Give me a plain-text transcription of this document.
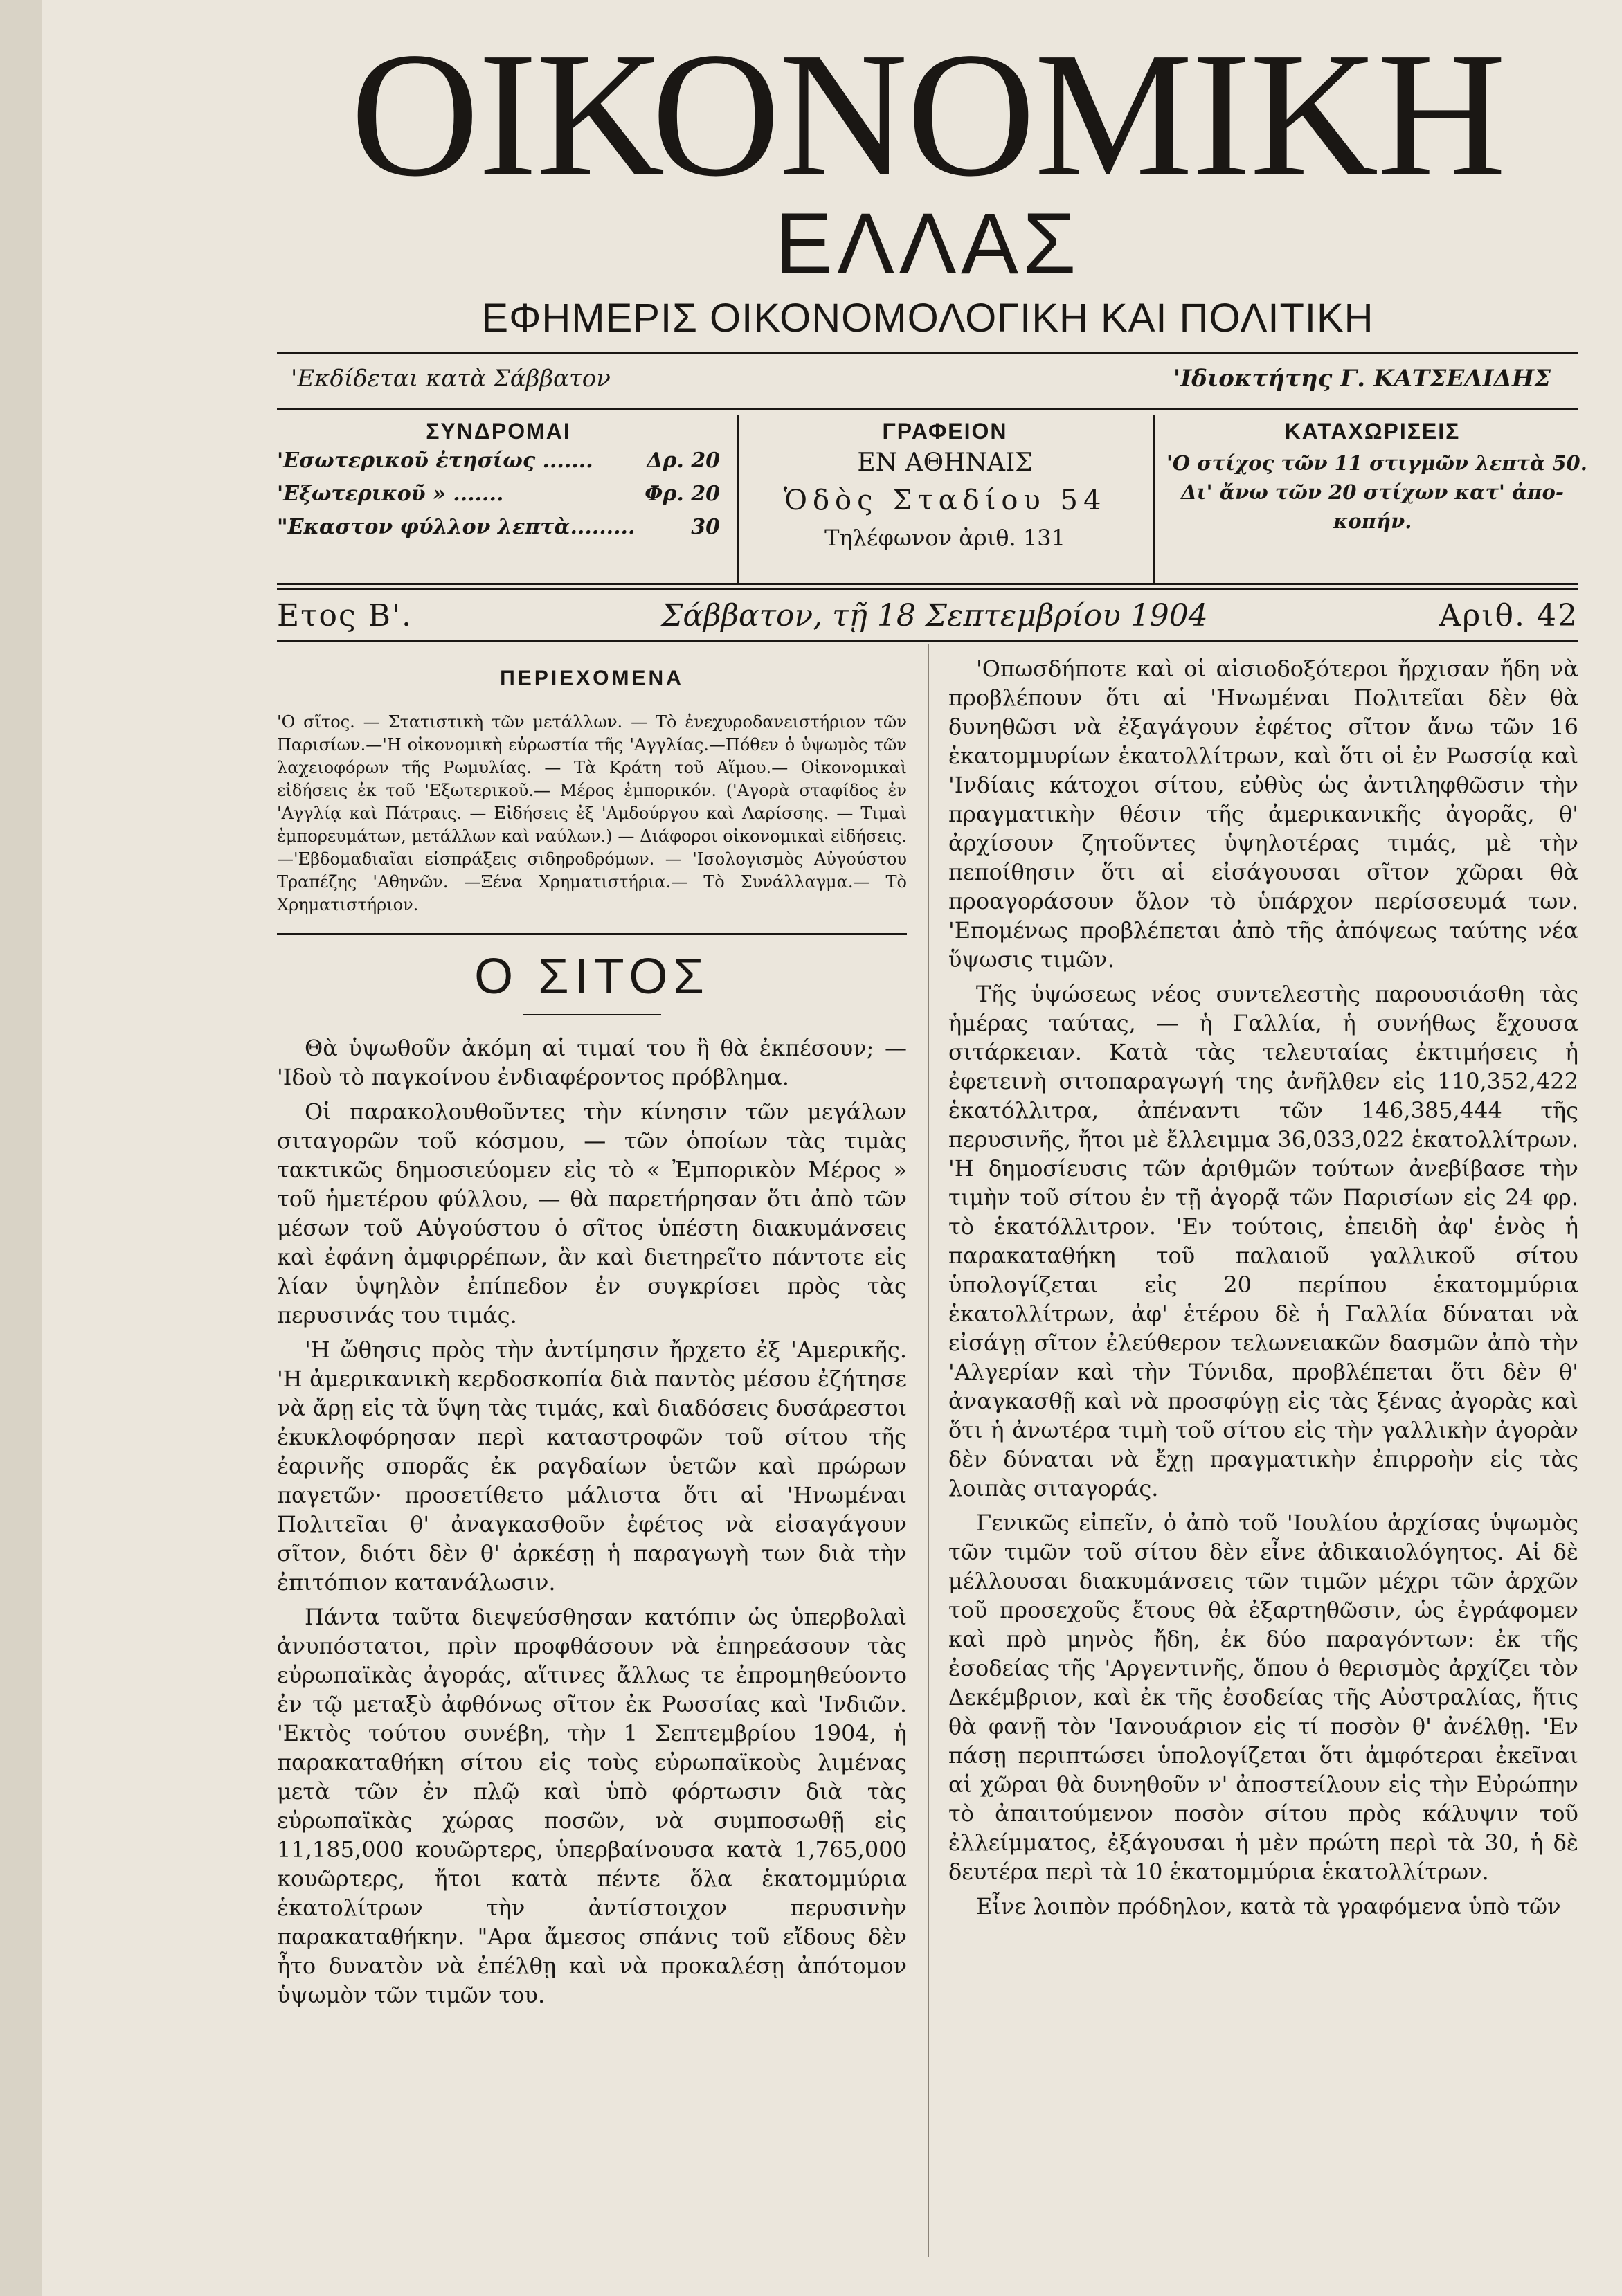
ΟΙΚΟΝΟΜΙΚΗ
ΕΛΛΑΣ
ΕΦΗΜΕΡΙΣ ΟΙΚΟΝΟΜΟΛΟΓΙΚΗ ΚΑΙ ΠΟΛΙΤΙΚΗ
'Εκδίδεται κατὰ Σάββατον	'Ιδιοκτήτης Γ. ΚΑΤΣΕΛΙΔΗΣ
ΣΥΝΔΡΟΜΑΙ
'Εσωτερικοῦ ἐτησίως .......	Δρ. 20
'Εξωτερικοῦ » .......	Φρ. 20
"Εκαστον φύλλον λεπτὰ.........	30
ΓΡΑΦΕΙΟΝ
ΕΝ ΑΘΗΝΑΙΣ
Ὁδὸς Σταδίου 54
Τηλέφωνον ἀριθ. 131
ΚΑΤΑΧΩΡΙΣΕΙΣ
'Ο στίχος τῶν 11 στιγμῶν λεπτὰ 50.
Δι' ἄνω τῶν 20 στίχων κατ' ἀπο-
κοπήν.
Ετος Β'.	Σάββατον, τῇ 18 Σεπτεμβρίου 1904	Αριθ. 42
ΠΕΡΙΕΧΟΜΕΝΑ
'Ο σῖτος. — Στατιστικὴ τῶν μετάλλων. — Τὸ ἐνεχυροδανειστήριον τῶν Παρισίων.—'Η οἰκονομικὴ εὐρωστία τῆς 'Αγγλίας.—Πόθεν ὁ ὑψωμὸς τῶν λαχειοφόρων τῆς Ρωμυλίας. — Τὰ Κράτη τοῦ Αἵμου.— Οἰκονομικαὶ εἰδήσεις ἐκ τοῦ 'Εξωτερικοῦ.— Μέρος ἐμπορικόν. ('Αγορὰ σταφίδος ἐν 'Αγγλίᾳ καὶ Πάτραις. — Εἰδήσεις ἐξ 'Αμδούργου καὶ Λαρίσσης. — Τιμαὶ ἐμπορευμάτων, μετάλλων καὶ ναύλων.) — Διάφοροι οἰκονομικαὶ εἰδήσεις.—'Εβδομαδιαῖαι εἰσπράξεις σιδηροδρόμων. — 'Ισολογισμὸς Αὐγούστου Τραπέζης 'Αθηνῶν. —Ξένα Χρηματιστήρια.— Τὸ Συνάλλαγμα.— Τὸ Χρηματιστήριον.
Ο ΣΙΤΟΣ

Θὰ ὑψωθοῦν ἀκόμη αἱ τιμαί του ἢ θὰ ἐκπέσουν; — 'Ιδοὺ τὸ παγκοίνου ἐνδιαφέροντος πρόβλημα.

Οἱ παρακολουθοῦντες τὴν κίνησιν τῶν μεγάλων σιταγορῶν τοῦ κόσμου, — τῶν ὁποίων τὰς τιμὰς τακτικῶς δημοσιεύομεν εἰς τὸ « Ἐμπορικὸν Μέρος » τοῦ ἡμετέρου φύλλου, — θὰ παρετήρησαν ὅτι ἀπὸ τῶν μέσων τοῦ Αὐγούστου ὁ σῖτος ὑπέστη διακυμάνσεις καὶ ἐφάνη ἀμφιρρέπων, ἂν καὶ διετηρεῖτο πάντοτε εἰς λίαν ὑψηλὸν ἐπίπεδον ἐν συγκρίσει πρὸς τὰς περυσινάς του τιμάς.

'Η ὤθησις πρὸς τὴν ἀντίμησιν ἤρχετο ἐξ 'Αμερικῆς. 'Η ἀμερικανικὴ κερδοσκοπία διὰ παντὸς μέσου ἐζήτησε νὰ ἄρῃ εἰς τὰ ὕψη τὰς τιμάς, καὶ διαδόσεις δυσάρεστοι ἐκυκλοφόρησαν περὶ καταστροφῶν τοῦ σίτου τῆς ἐαρινῆς σπορᾶς ἐκ ραγδαίων ὑετῶν καὶ πρώρων παγετῶν· προσετίθετο μάλιστα ὅτι αἱ 'Ηνωμέναι Πολιτεῖαι θ' ἀναγκασθοῦν ἐφέτος νὰ εἰσαγάγουν σῖτον, διότι δὲν θ' ἀρκέσῃ ἡ παραγωγὴ των διὰ τὴν ἐπιτόπιον κατανάλωσιν.

Πάντα ταῦτα διεψεύσθησαν κατόπιν ὡς ὑπερβολαὶ ἀνυπόστατοι, πρὶν προφθάσουν νὰ ἐπηρεάσουν τὰς εὐρωπαϊκὰς ἀγοράς, αἵτινες ἄλλως τε ἐπρομηθεύοντο ἐν τῷ μεταξὺ ἀφθόνως σῖτον ἐκ Ρωσσίας καὶ 'Ινδιῶν. 'Εκτὸς τούτου συνέβη, τὴν 1 Σεπτεμβρίου 1904, ἡ παρακαταθήκη σίτου εἰς τοὺς εὐρωπαϊκοὺς λιμένας μετὰ τῶν ἐν πλῷ καὶ ὑπὸ φόρτωσιν διὰ τὰς εὐρωπαϊκὰς χώρας ποσῶν, νὰ συμποσωθῇ εἰς 11,185,000 κουῶρτερς, ὑπερβαίνουσα κατὰ 1,765,000 κουῶρτερς, ἤτοι κατὰ πέντε ὅλα ἑκατομμύρια ἑκατολίτρων τὴν ἀντίστοιχον περυσινὴν παρακαταθήκην. "Αρα ἄμεσος σπάνις τοῦ εἴδους δὲν ἦτο δυνατὸν νὰ ἐπέλθῃ καὶ νὰ προκαλέσῃ ἀπότομον ὑψωμὸν τῶν τιμῶν του.

'Οπωσδήποτε καὶ οἱ αἰσιοδοξότεροι ἤρχισαν ἤδη νὰ προβλέπουν ὅτι αἱ 'Ηνωμέναι Πολιτεῖαι δὲν θὰ δυνηθῶσι νὰ ἐξαγάγουν ἐφέτος σῖτον ἄνω τῶν 16 ἑκατομμυρίων ἑκατολλίτρων, καὶ ὅτι οἱ ἐν Ρωσσίᾳ καὶ 'Ινδίαις κάτοχοι σίτου, εὐθὺς ὡς ἀντιληφθῶσιν τὴν πραγματικὴν θέσιν τῆς ἀμερικανικῆς ἀγορᾶς, θ' ἀρχίσουν ζητοῦντες ὑψηλοτέρας τιμάς, μὲ τὴν πεποίθησιν ὅτι αἱ εἰσάγουσαι σῖτον χῶραι θὰ προαγοράσουν ὅλον τὸ ὑπάρχον περίσσευμά των. 'Επομένως προβλέπεται ἀπὸ τῆς ἀπόψεως ταύτης νέα ὕψωσις τιμῶν.

Τῆς ὑψώσεως νέος συντελεστὴς παρουσιάσθη τὰς ἡμέρας ταύτας, — ἡ Γαλλία, ἡ συνήθως ἔχουσα σιτάρκειαν. Κατὰ τὰς τελευταίας ἐκτιμήσεις ἡ ἐφετεινὴ σιτοπαραγωγή της ἀνῆλθεν εἰς 110,352,422 ἑκατόλλιτρα, ἀπέναντι τῶν 146,385,444 τῆς περυσινῆς, ἤτοι μὲ ἔλλειμμα 36,033,022 ἑκατολλίτρων. 'Η δημοσίευσις τῶν ἀριθμῶν τούτων ἀνεβίβασε τὴν τιμὴν τοῦ σίτου ἐν τῇ ἀγορᾷ τῶν Παρισίων εἰς 24 φρ. τὸ ἑκατόλλιτρον. 'Εν τούτοις, ἐπειδὴ ἀφ' ἑνὸς ἡ παρακαταθήκη τοῦ παλαιοῦ γαλλικοῦ σίτου ὑπολογίζεται εἰς 20 περίπου ἑκατομμύρια ἑκατολλίτρων, ἀφ' ἑτέρου δὲ ἡ Γαλλία δύναται νὰ εἰσάγῃ σῖτον ἐλεύθερον τελωνειακῶν δασμῶν ἀπὸ τὴν 'Αλγερίαν καὶ τὴν Τύνιδα, προβλέπεται ὅτι δὲν θ' ἀναγκασθῇ καὶ νὰ προσφύγῃ εἰς τὰς ξένας ἀγορὰς καὶ ὅτι ἡ ἀνωτέρα τιμὴ τοῦ σίτου εἰς τὴν γαλλικὴν ἀγορὰν δὲν δύναται νὰ ἔχῃ πραγματικὴν ἐπιρροὴν εἰς τὰς λοιπὰς σιταγοράς.

Γενικῶς εἰπεῖν, ὁ ἀπὸ τοῦ 'Ιουλίου ἀρχίσας ὑψωμὸς τῶν τιμῶν τοῦ σίτου δὲν εἶνε ἀδικαιολόγητος. Αἱ δὲ μέλλουσαι διακυμάνσεις τῶν τιμῶν μέχρι τῶν ἀρχῶν τοῦ προσεχοῦς ἔτους θὰ ἐξαρτηθῶσιν, ὡς ἐγράφομεν καὶ πρὸ μηνὸς ἤδη, ἐκ δύο παραγόντων: ἐκ τῆς ἐσοδείας τῆς 'Αργεντινῆς, ὅπου ὁ θερισμὸς ἀρχίζει τὸν Δεκέμβριον, καὶ ἐκ τῆς ἐσοδείας τῆς Αὐστραλίας, ἥτις θὰ φανῇ τὸν 'Ιανουάριον εἰς τί ποσὸν θ' ἀνέλθῃ. 'Εν πάσῃ περιπτώσει ὑπολογίζεται ὅτι ἀμφότεραι ἐκεῖναι αἱ χῶραι θὰ δυνηθοῦν ν' ἀποστείλουν εἰς τὴν Εὐρώπην τὸ ἀπαιτούμενον ποσὸν σίτου πρὸς κάλυψιν τοῦ ἐλλείμματος, ἐξάγουσαι ἡ μὲν πρώτη περὶ τὰ 30, ἡ δὲ δευτέρα περὶ τὰ 10 ἑκατομμύρια ἑκατολλίτρων.

Εἶνε λοιπὸν πρόδηλον, κατὰ τὰ γραφόμενα ὑπὸ τῶν
